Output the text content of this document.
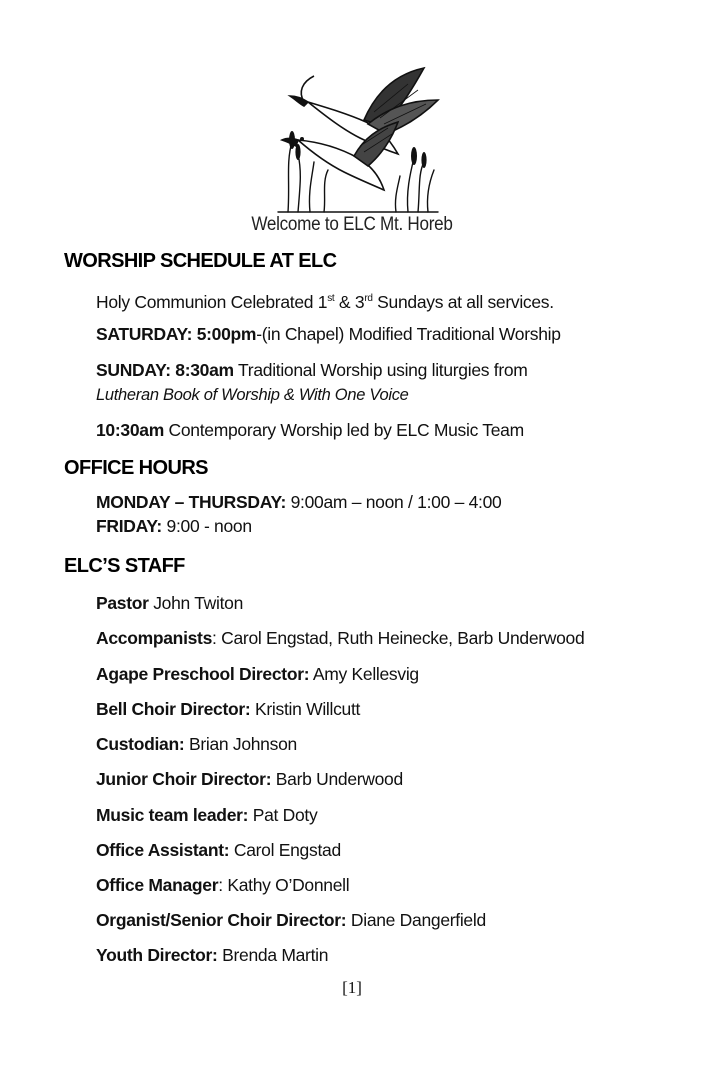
Welcome to ELC Mt. Horeb
WORSHIP SCHEDULE AT ELC

Holy Communion Celebrated 1st & 3rd Sundays at all services.

SATURDAY: 5:00pm-(in Chapel) Modified Traditional Worship

SUNDAY: 8:30am Traditional Worship using liturgies from

Lutheran Book of Worship & With One Voice

10:30am Contemporary Worship led by ELC Music Team

OFFICE HOURS

MONDAY – THURSDAY: 9:00am – noon / 1:00 – 4:00

FRIDAY: 9:00 - noon

ELC’S STAFF

Pastor John Twiton

Accompanists: Carol Engstad, Ruth Heinecke, Barb Underwood

Agape Preschool Director: Amy Kellesvig

Bell Choir Director: Kristin Willcutt

Custodian: Brian Johnson

Junior Choir Director: Barb Underwood

Music team leader: Pat Doty

Office Assistant: Carol Engstad

Office Manager: Kathy O’Donnell

Organist/Senior Choir Director: Diane Dangerfield

Youth Director: Brenda Martin

[1]
